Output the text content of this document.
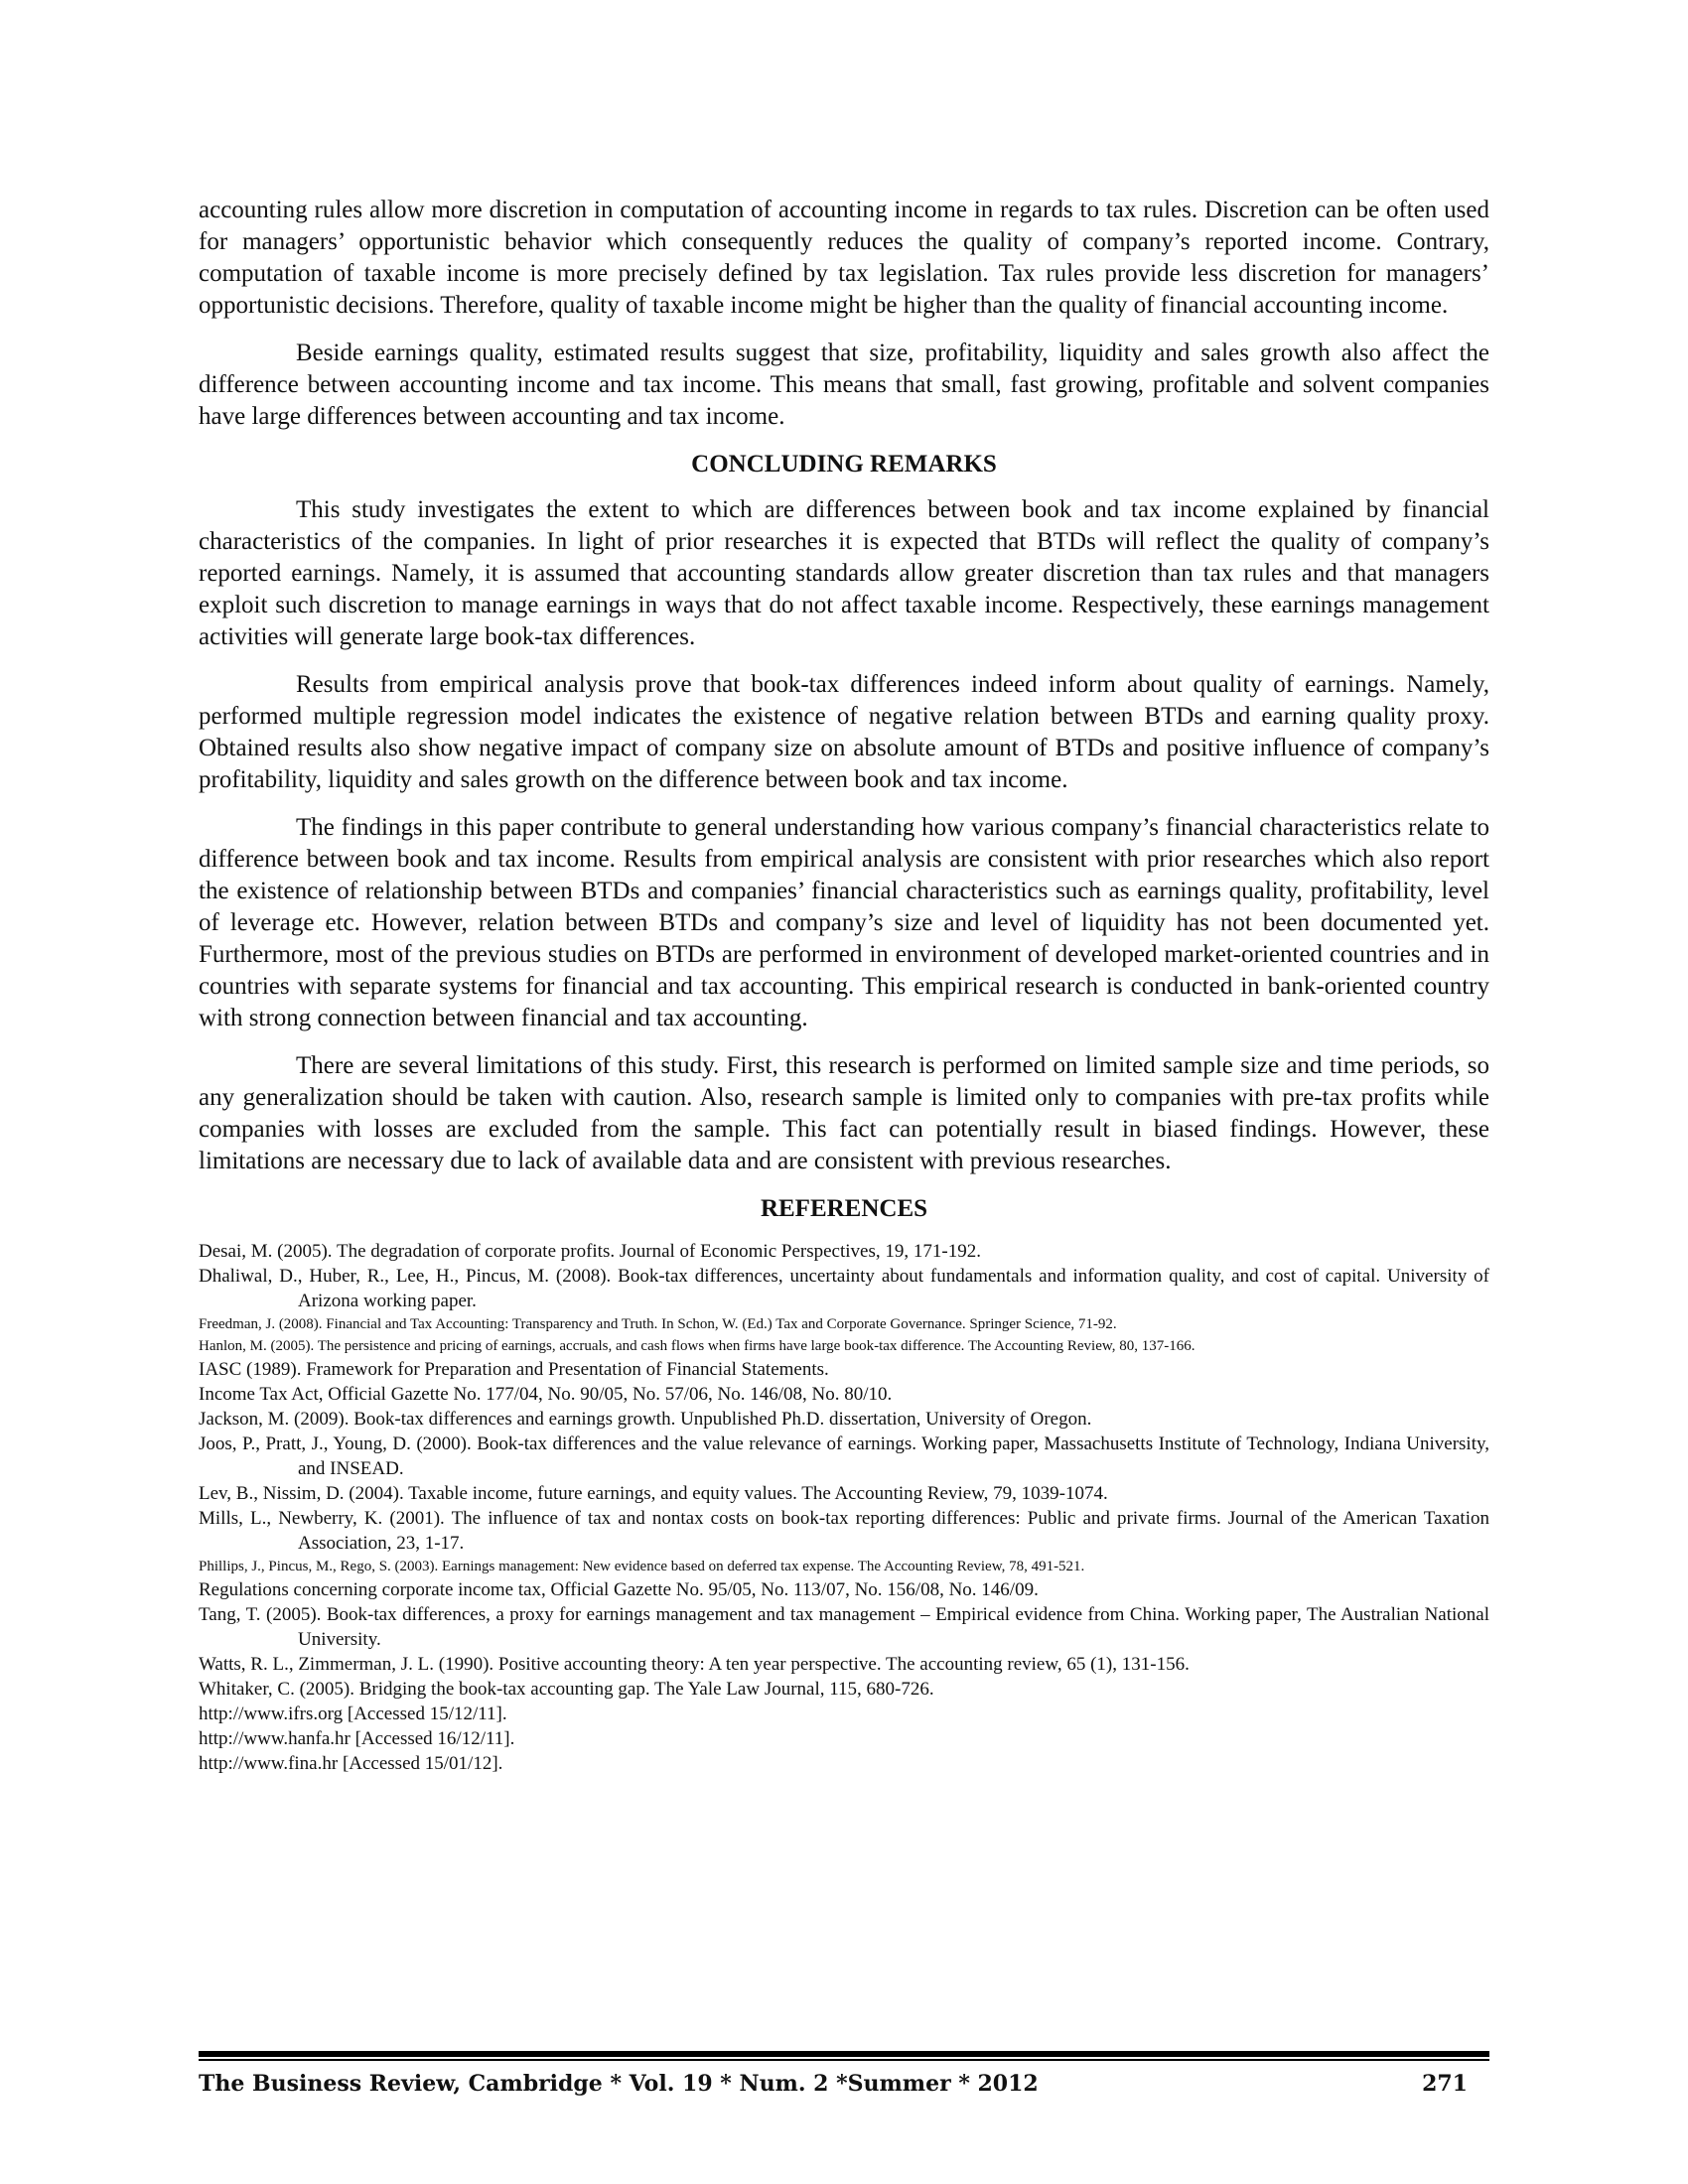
accounting rules allow more discretion in computation of accounting income in regards to tax rules. Discretion can be often used for managers’ opportunistic behavior which consequently reduces the quality of company’s reported income. Contrary, computation of taxable income is more precisely defined by tax legislation. Tax rules provide less discretion for managers’ opportunistic decisions. Therefore, quality of taxable income might be higher than the quality of financial accounting income.

Beside earnings quality, estimated results suggest that size, profitability, liquidity and sales growth also affect the difference between accounting income and tax income. This means that small, fast growing, profitable and solvent companies have large differences between accounting and tax income.

CONCLUDING REMARKS

This study investigates the extent to which are differences between book and tax income explained by financial characteristics of the companies. In light of prior researches it is expected that BTDs will reflect the quality of company’s reported earnings. Namely, it is assumed that accounting standards allow greater discretion than tax rules and that managers exploit such discretion to manage earnings in ways that do not affect taxable income. Respectively, these earnings management activities will generate large book-tax differences.

Results from empirical analysis prove that book-tax differences indeed inform about quality of earnings. Namely, performed multiple regression model indicates the existence of negative relation between BTDs and earning quality proxy. Obtained results also show negative impact of company size on absolute amount of BTDs and positive influence of company’s profitability, liquidity and sales growth on the difference between book and tax income.

The findings in this paper contribute to general understanding how various company’s financial characteristics relate to difference between book and tax income. Results from empirical analysis are consistent with prior researches which also report the existence of relationship between BTDs and companies’ financial characteristics such as earnings quality, profitability, level of leverage etc. However, relation between BTDs and company’s size and level of liquidity has not been documented yet. Furthermore, most of the previous studies on BTDs are performed in environment of developed market-oriented countries and in countries with separate systems for financial and tax accounting. This empirical research is conducted in bank-oriented country with strong connection between financial and tax accounting.

There are several limitations of this study. First, this research is performed on limited sample size and time periods, so any generalization should be taken with caution. Also, research sample is limited only to companies with pre-tax profits while companies with losses are excluded from the sample. This fact can potentially result in biased findings. However, these limitations are necessary due to lack of available data and are consistent with previous researches.

REFERENCES

Desai, M. (2005). The degradation of corporate profits. Journal of Economic Perspectives, 19, 171-192.

Dhaliwal, D., Huber, R., Lee, H., Pincus, M. (2008). Book-tax differences, uncertainty about fundamentals and information quality, and cost of capital. University of Arizona working paper.

Freedman, J. (2008). Financial and Tax Accounting: Transparency and Truth. In Schon, W. (Ed.) Tax and Corporate Governance. Springer Science, 71-92.

Hanlon, M. (2005). The persistence and pricing of earnings, accruals, and cash flows when firms have large book-tax difference. The Accounting Review, 80, 137-166.

IASC (1989). Framework for Preparation and Presentation of Financial Statements.

Income Tax Act, Official Gazette No. 177/04, No. 90/05, No. 57/06, No. 146/08, No. 80/10.

Jackson, M. (2009). Book-tax differences and earnings growth. Unpublished Ph.D. dissertation, University of Oregon.

Joos, P., Pratt, J., Young, D. (2000). Book-tax differences and the value relevance of earnings. Working paper, Massachusetts Institute of Technology, Indiana University, and INSEAD.

Lev, B., Nissim, D. (2004). Taxable income, future earnings, and equity values. The Accounting Review, 79, 1039-1074.

Mills, L., Newberry, K. (2001). The influence of tax and nontax costs on book-tax reporting differences: Public and private firms. Journal of the American Taxation Association, 23, 1-17.

Phillips, J., Pincus, M., Rego, S. (2003). Earnings management: New evidence based on deferred tax expense. The Accounting Review, 78, 491-521.

Regulations concerning corporate income tax, Official Gazette No. 95/05, No. 113/07, No. 156/08, No. 146/09.

Tang, T. (2005). Book-tax differences, a proxy for earnings management and tax management – Empirical evidence from China. Working paper, The Australian National University.

Watts, R. L., Zimmerman, J. L. (1990). Positive accounting theory: A ten year perspective. The accounting review, 65 (1), 131-156.

Whitaker, C. (2005). Bridging the book-tax accounting gap. The Yale Law Journal, 115, 680-726.

http://www.ifrs.org [Accessed 15/12/11].

http://www.hanfa.hr [Accessed 16/12/11].

http://www.fina.hr [Accessed 15/01/12].

The Business Review, Cambridge * Vol. 19 * Num. 2 *Summer * 2012	271
